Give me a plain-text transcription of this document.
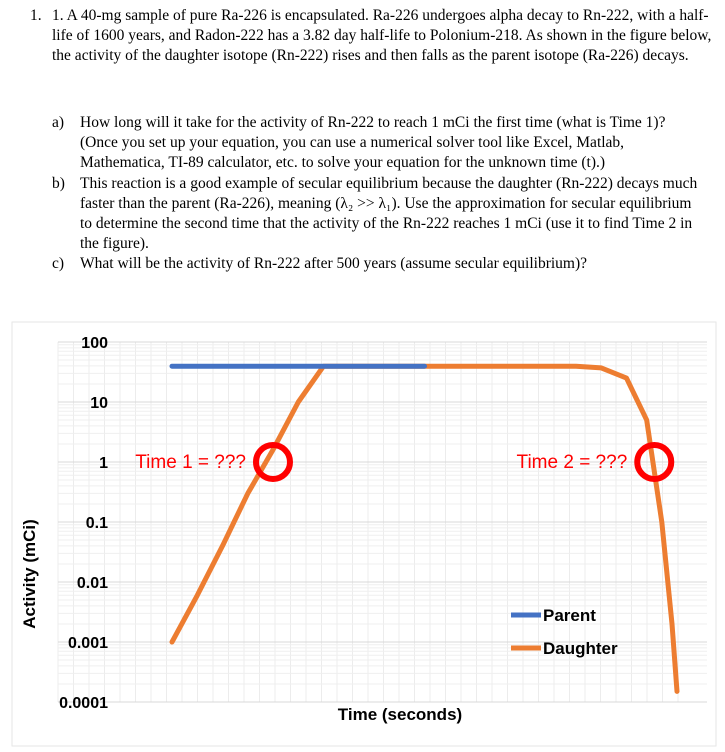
1. 1. A 40-mg sample of pure Ra-226 is encapsulated. Ra-226 undergoes alpha decay to Rn-222, with a half-life of 1600 years, and Radon-222 has a 3.82 day half-life to Polonium-218. As shown in the figure below, the activity of the daughter isotope (Rn-222) rises and then falls as the parent isotope (Ra-226) decays.
a) How long will it take for the activity of Rn-222 to reach 1 mCi the first time (what is Time 1)? (Once you set up your equation, you can use a numerical solver tool like Excel, Matlab, Mathematica, TI-89 calculator, etc. to solve your equation for the unknown time (t).)
b) This reaction is a good example of secular equilibrium because the daughter (Rn-222) decays much faster than the parent (Ra-226), meaning (λ₂ >> λ₁). Use the approximation for secular equilibrium to determine the second time that the activity of the Rn-222 reaches 1 mCi (use it to find Time 2 in the figure).
c) What will be the activity of Rn-222 after 500 years (assume secular equilibrium)?
100
10
1
0.1
0.01
0.001
0.0001
Time 1 = ???	Time 2 = ???
Activity (mCi)
Time (seconds)
Parent
Daughter
